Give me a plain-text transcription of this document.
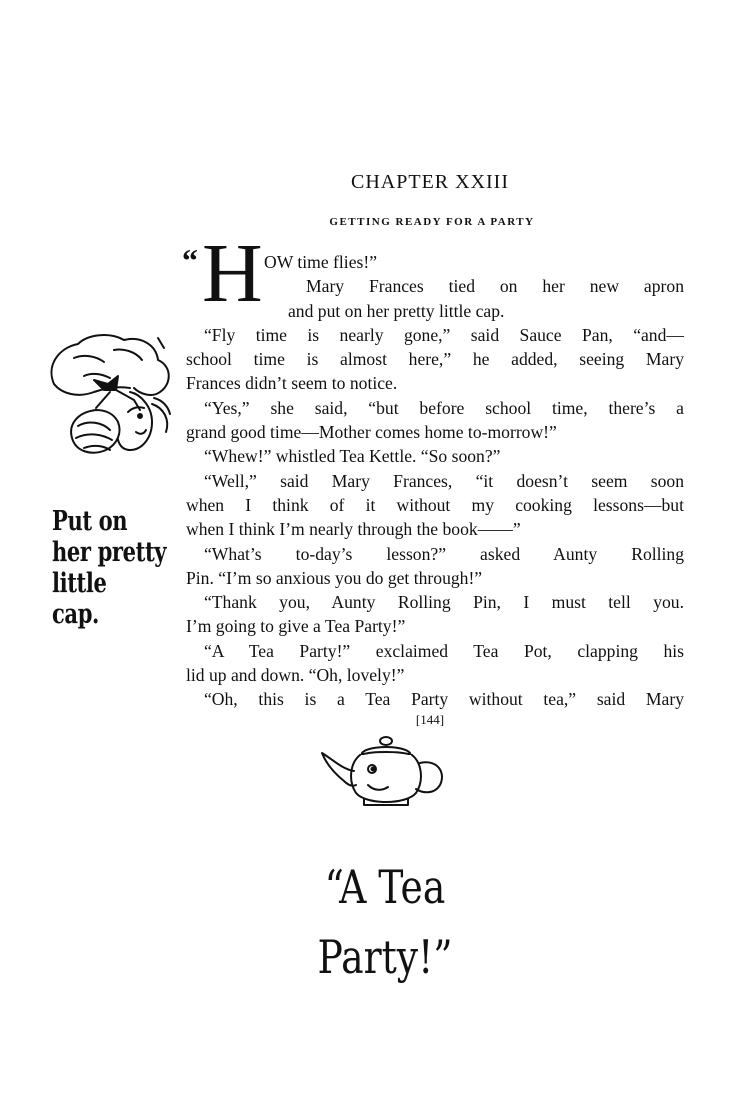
CHAPTER XXIII
GETTING READY FOR A PARTY
“ H OW time flies!”
Mary Frances tied on her new apron
and put on her pretty little cap.
“Fly time is nearly gone,” said Sauce Pan, “and—
school time is almost here,” he added, seeing Mary
Frances didn’t seem to notice.
“Yes,” she said, “but before school time, there’s a
grand good time—Mother comes home to-morrow!”
“Whew!” whistled Tea Kettle. “So soon?”
“Well,” said Mary Frances, “it doesn’t seem soon
when I think of it without my cooking lessons—but
when I think I’m nearly through the book——”
“What’s to-day’s lesson?” asked Aunty Rolling
Pin. “I’m so anxious you do get through!”
“Thank you, Aunty Rolling Pin, I must tell you.
I’m going to give a Tea Party!”
“A Tea Party!” exclaimed Tea Pot, clapping his
lid up and down. “Oh, lovely!”
“Oh, this is a Tea Party without tea,” said Mary
[144]
Put on
her pretty
little
cap.
“A Tea Party!”
